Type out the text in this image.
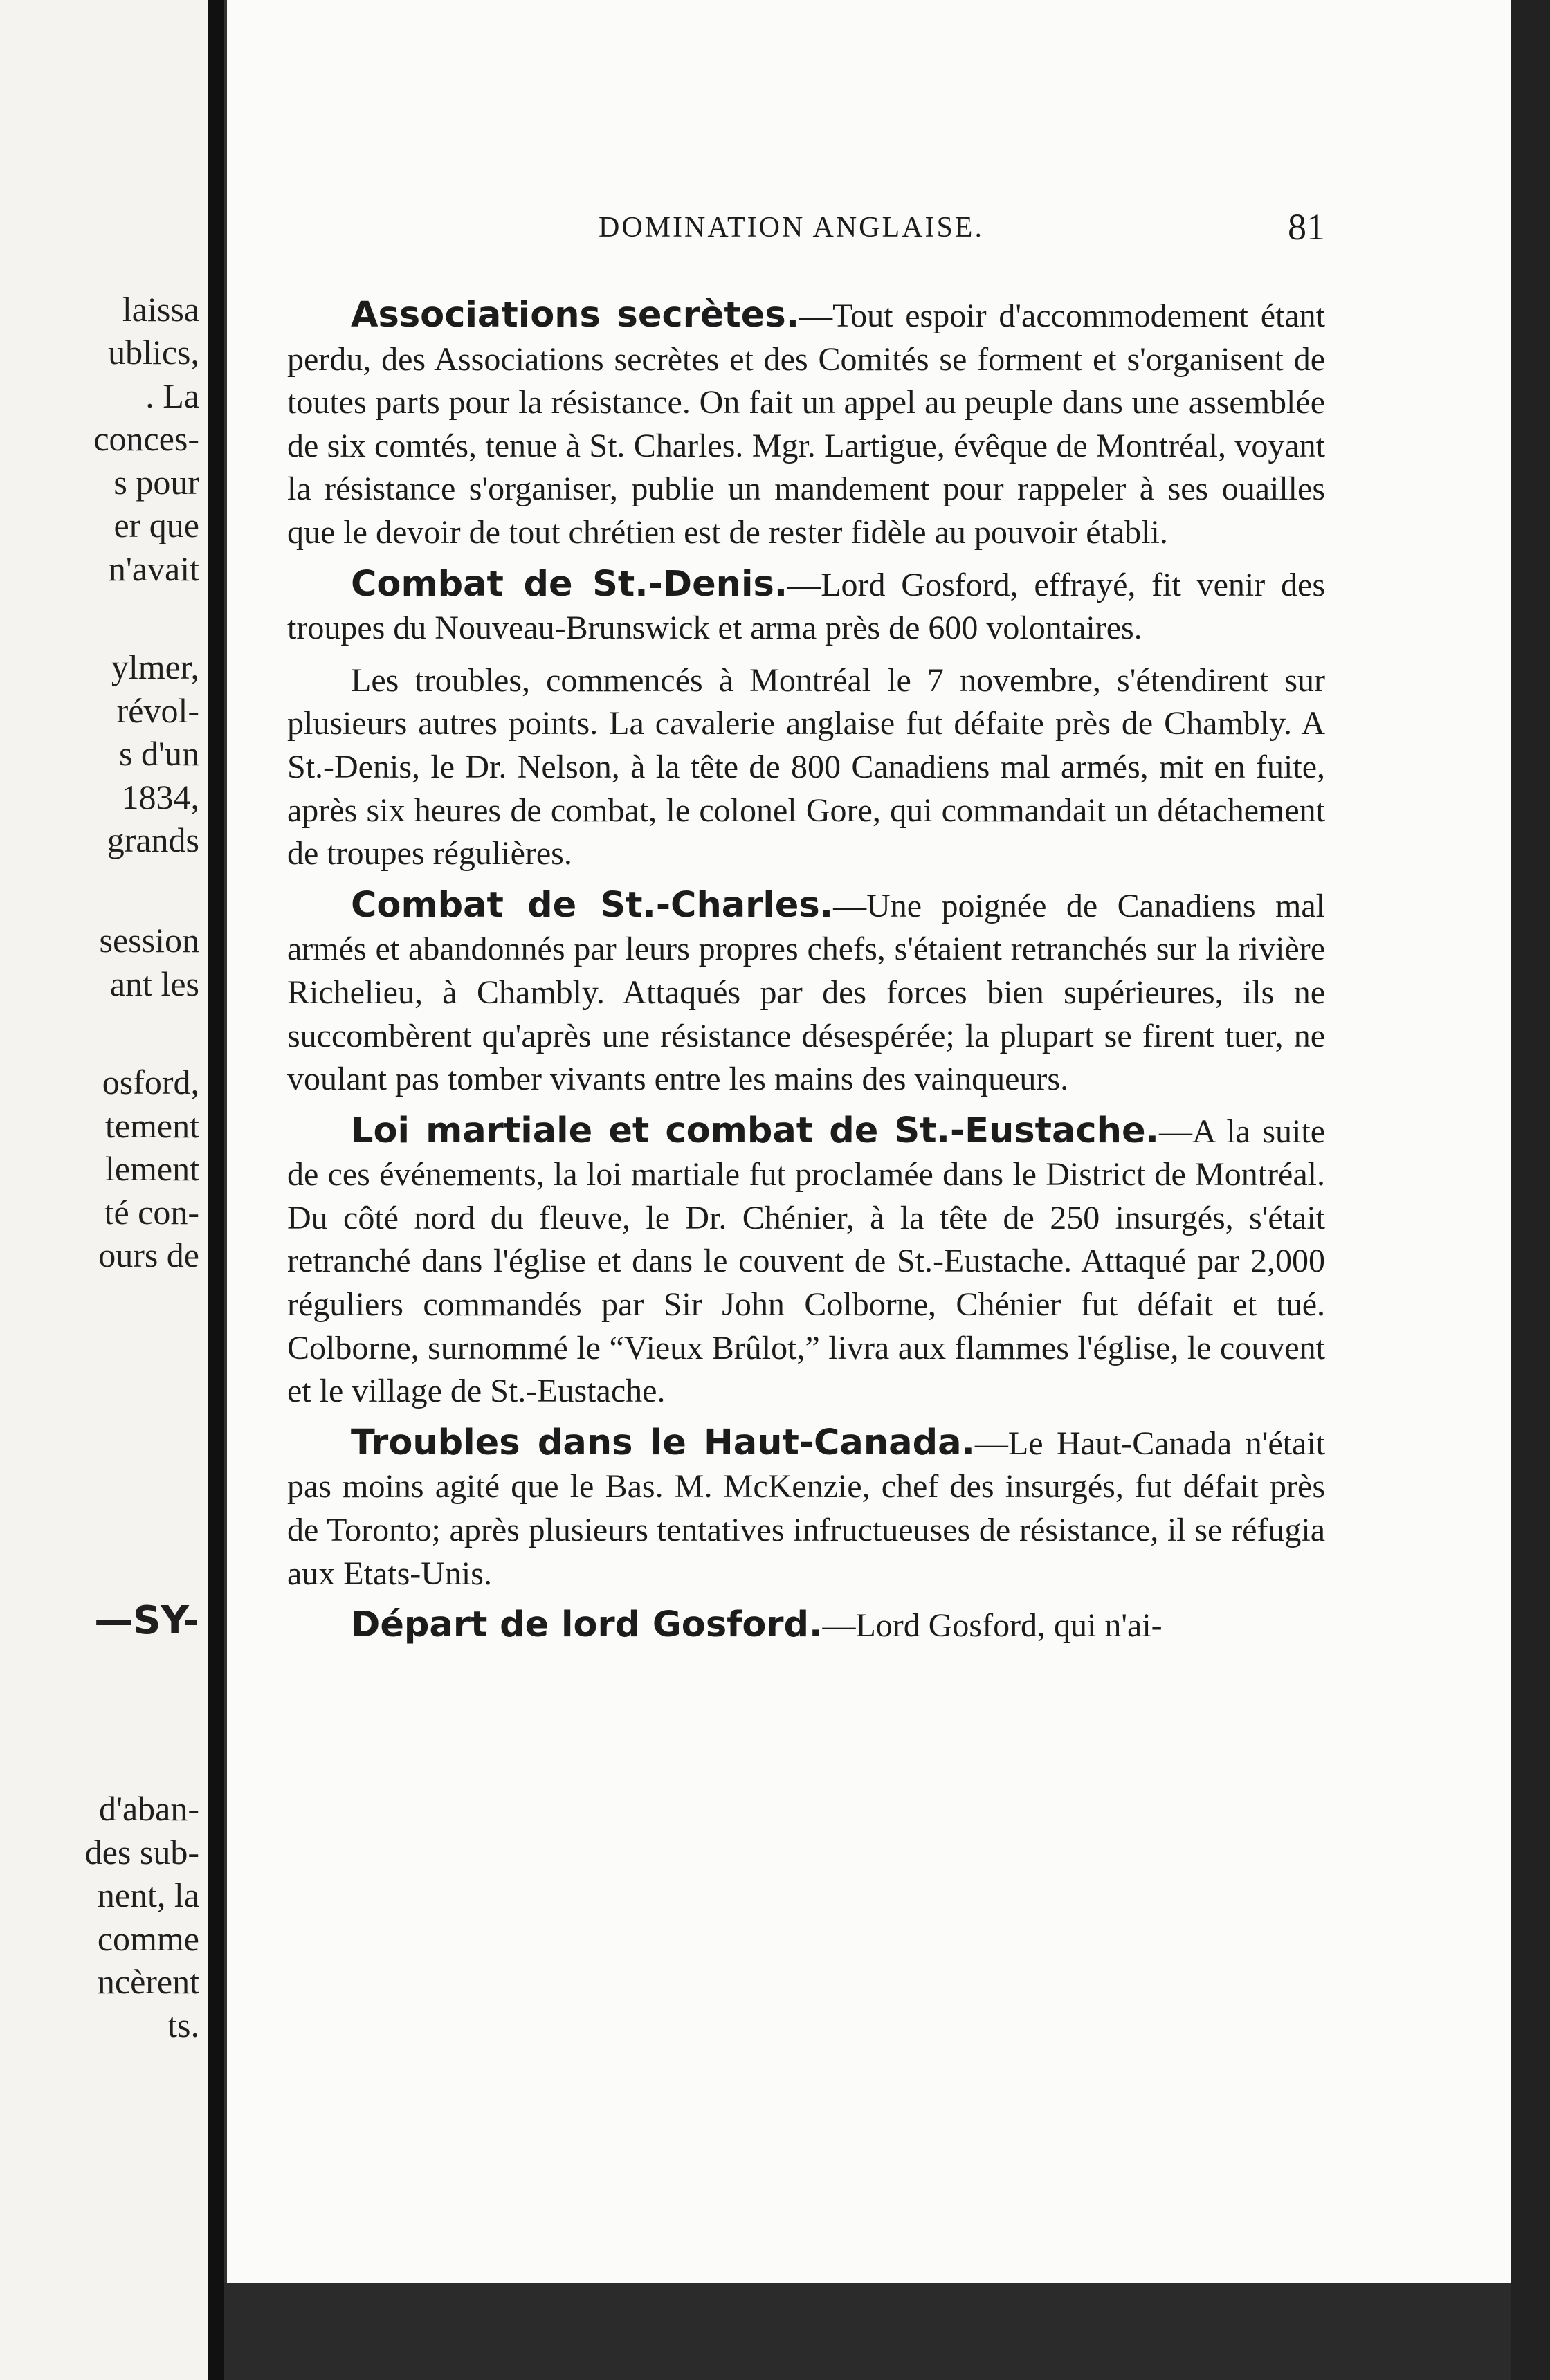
laissa
ublics,
. La
conces-
s pour
er que
n'avait
ylmer,
révol-
s d'un
1834,
grands
session
ant les
osford,
tement
lement
té con-
ours de
—SY-
d'aban-
des sub-
nent, la
comme
ncèrent
ts.
DOMINATION ANGLAISE.	81

Associations secrètes.—Tout espoir d'accommodement étant perdu, des Associations secrètes et des Comités se forment et s'organisent de toutes parts pour la résistance. On fait un appel au peuple dans une assemblée de six comtés, tenue à St. Charles. Mgr. Lartigue, évêque de Montréal, voyant la résistance s'organiser, publie un mandement pour rappeler à ses ouailles que le devoir de tout chrétien est de rester fidèle au pouvoir établi.

Combat de St.-Denis.—Lord Gosford, effrayé, fit venir des troupes du Nouveau-Brunswick et arma près de 600 volontaires.

Les troubles, commencés à Montréal le 7 novembre, s'étendirent sur plusieurs autres points. La cavalerie anglaise fut défaite près de Chambly. A St.-Denis, le Dr. Nelson, à la tête de 800 Canadiens mal armés, mit en fuite, après six heures de combat, le colonel Gore, qui commandait un détachement de troupes régulières.

Combat de St.-Charles.—Une poignée de Canadiens mal armés et abandonnés par leurs propres chefs, s'étaient retranchés sur la rivière Richelieu, à Chambly. Attaqués par des forces bien supérieures, ils ne succombèrent qu'après une résistance désespérée; la plupart se firent tuer, ne voulant pas tomber vivants entre les mains des vainqueurs.

Loi martiale et combat de St.-Eustache.—A la suite de ces événements, la loi martiale fut proclamée dans le District de Montréal. Du côté nord du fleuve, le Dr. Chénier, à la tête de 250 insurgés, s'était retranché dans l'église et dans le couvent de St.-Eustache. Attaqué par 2,000 réguliers commandés par Sir John Colborne, Chénier fut défait et tué. Colborne, surnommé le “Vieux Brûlot,” livra aux flammes l'église, le couvent et le village de St.-Eustache.

Troubles dans le Haut-Canada.—Le Haut-Canada n'était pas moins agité que le Bas. M. McKenzie, chef des insurgés, fut défait près de Toronto; après plusieurs tentatives infructueuses de résistance, il se réfugia aux Etats-Unis.

Départ de lord Gosford.—Lord Gosford, qui n'ai-
